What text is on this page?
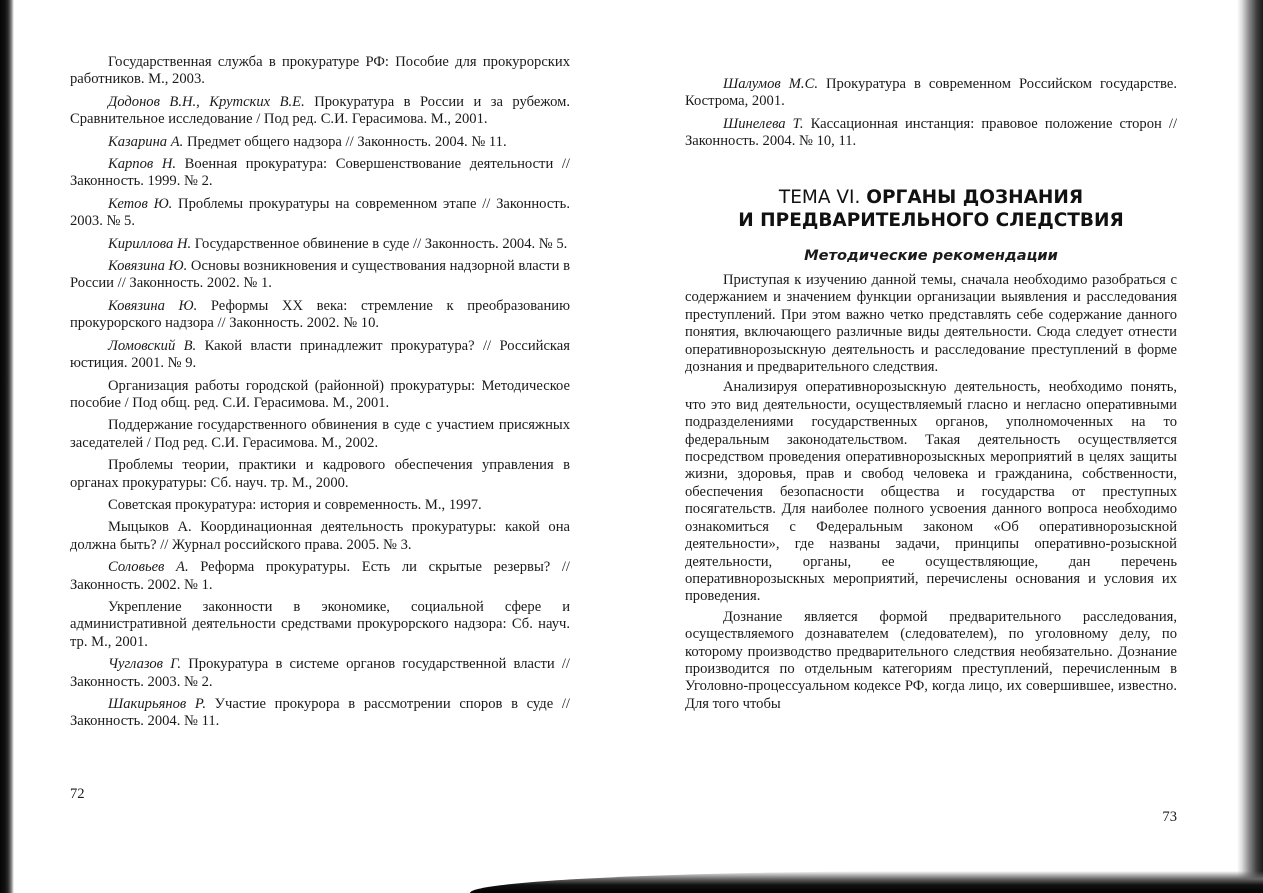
Государственная служба в прокуратуре РФ: Пособие для прокурорских работников. М., 2003.

Додонов В.Н., Крутских В.Е. Прокуратура в России и за рубежом. Сравнительное исследование / Под ред. С.И. Герасимова. М., 2001.

Казарина А. Предмет общего надзора // Законность. 2004. № 11.

Карпов Н. Военная прокуратура: Совершенствование деятельности // Законность. 1999. № 2.

Кетов Ю. Проблемы прокуратуры на современном этапе // Законность. 2003. № 5.

Кириллова Н. Государственное обвинение в суде // Законность. 2004. № 5.

Ковязина Ю. Основы возникновения и существования надзорной власти в России // Законность. 2002. № 1.

Ковязина Ю. Реформы XX века: стремление к преобразованию прокурорского надзора // Законность. 2002. № 10.

Ломовский В. Какой власти принадлежит прокуратура? // Российская юстиция. 2001. № 9.

Организация работы городской (районной) прокуратуры: Методическое пособие / Под общ. ред. С.И. Герасимова. М., 2001.

Поддержание государственного обвинения в суде с участием присяжных заседателей / Под ред. С.И. Герасимова. М., 2002.

Проблемы теории, практики и кадрового обеспечения управления в органах прокуратуры: Сб. науч. тр. М., 2000.

Советская прокуратура: история и современность. М., 1997.

Мыцыков А. Координационная деятельность прокуратуры: какой она должна быть? // Журнал российского права. 2005. № 3.

Соловьев А. Реформа прокуратуры. Есть ли скрытые резервы? // Законность. 2002. № 1.

Укрепление законности в экономике, социальной сфере и административной деятельности средствами прокурорского надзора: Сб. науч. тр. М., 2001.

Чуглазов Г. Прокуратура в системе органов государственной власти // Законность. 2003. № 2.

Шакирьянов Р. Участие прокурора в рассмотрении споров в суде // Законность. 2004. № 11.

72

Шалумов М.С. Прокуратура в современном Российском государстве. Кострома, 2001.

Шинелева Т. Кассационная инстанция: правовое положение сторон // Законность. 2004. № 10, 11.

ТЕМА VI. ОРГАНЫ ДОЗНАНИЯ
И ПРЕДВАРИТЕЛЬНОГО СЛЕДСТВИЯ
Методические рекомендации

Приступая к изучению данной темы, сначала необходимо разобраться с содержанием и значением функции организации выявления и расследования преступлений. При этом важно четко представлять себе содержание данного понятия, включающего различные виды деятельности. Сюда следует отнести оперативнорозыскную деятельность и расследование преступлений в форме дознания и предварительного следствия.

Анализируя оперативнорозыскную деятельность, необходимо понять, что это вид деятельности, осуществляемый гласно и негласно оперативными подразделениями государственных органов, уполномоченных на то федеральным законодательством. Такая деятельность осуществляется посредством проведения оперативнорозыскных мероприятий в целях защиты жизни, здоровья, прав и свобод человека и гражданина, собственности, обеспечения безопасности общества и государства от преступных посягательств. Для наиболее полного усвоения данного вопроса необходимо ознакомиться с Федеральным законом «Об оперативнорозыскной деятельности», где названы задачи, принципы оперативно-розыскной деятельности, органы, ее осуществляющие, дан перечень оперативнорозыскных мероприятий, перечислены основания и условия их проведения.

Дознание является формой предварительного расследования, осуществляемого дознавателем (следователем), по уголовному делу, по которому производство предварительного следствия необязательно. Дознание производится по отдельным категориям преступлений, перечисленным в Уголовно-процессуальном кодексе РФ, когда лицо, их совершившее, известно. Для того чтобы

73
